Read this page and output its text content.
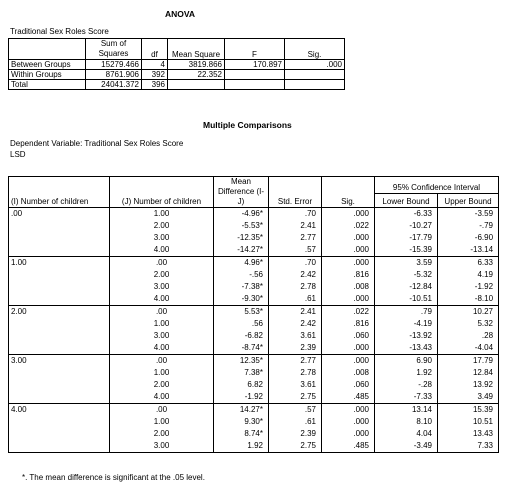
ANOVA
Traditional Sex Roles Score
	Sum of Squares	df	Mean Square	F	Sig.
Between Groups	15279.466	4	3819.866	170.897	.000
Within Groups	8761.906	392	22.352		
Total	24041.372	396			
Multiple Comparisons
Dependent Variable: Traditional Sex Roles Score
LSD
(I) Number of children	(J) Number of children	Mean Difference (I-J)	Std. Error	Sig.	95% Confidence Interval	
					Lower Bound	Upper Bound
.00	1.00	-4.96*	.70	.000	-6.33	-3.59
	2.00	-5.53*	2.41	.022	-10.27	-.79
	3.00	-12.35*	2.77	.000	-17.79	-6.90
	4.00	-14.27*	.57	.000	-15.39	-13.14
1.00	.00	4.96*	.70	.000	3.59	6.33
	2.00	-.56	2.42	.816	-5.32	4.19
	3.00	-7.38*	2.78	.008	-12.84	-1.92
	4.00	-9.30*	.61	.000	-10.51	-8.10
2.00	.00	5.53*	2.41	.022	.79	10.27
	1.00	.56	2.42	.816	-4.19	5.32
	3.00	-6.82	3.61	.060	-13.92	.28
	4.00	-8.74*	2.39	.000	-13.43	-4.04
3.00	.00	12.35*	2.77	.000	6.90	17.79
	1.00	7.38*	2.78	.008	1.92	12.84
	2.00	6.82	3.61	.060	-.28	13.92
	4.00	-1.92	2.75	.485	-7.33	3.49
4.00	.00	14.27*	.57	.000	13.14	15.39
	1.00	9.30*	.61	.000	8.10	10.51
	2.00	8.74*	2.39	.000	4.04	13.43
	3.00	1.92	2.75	.485	-3.49	7.33
*. The mean difference is significant at the .05 level.
